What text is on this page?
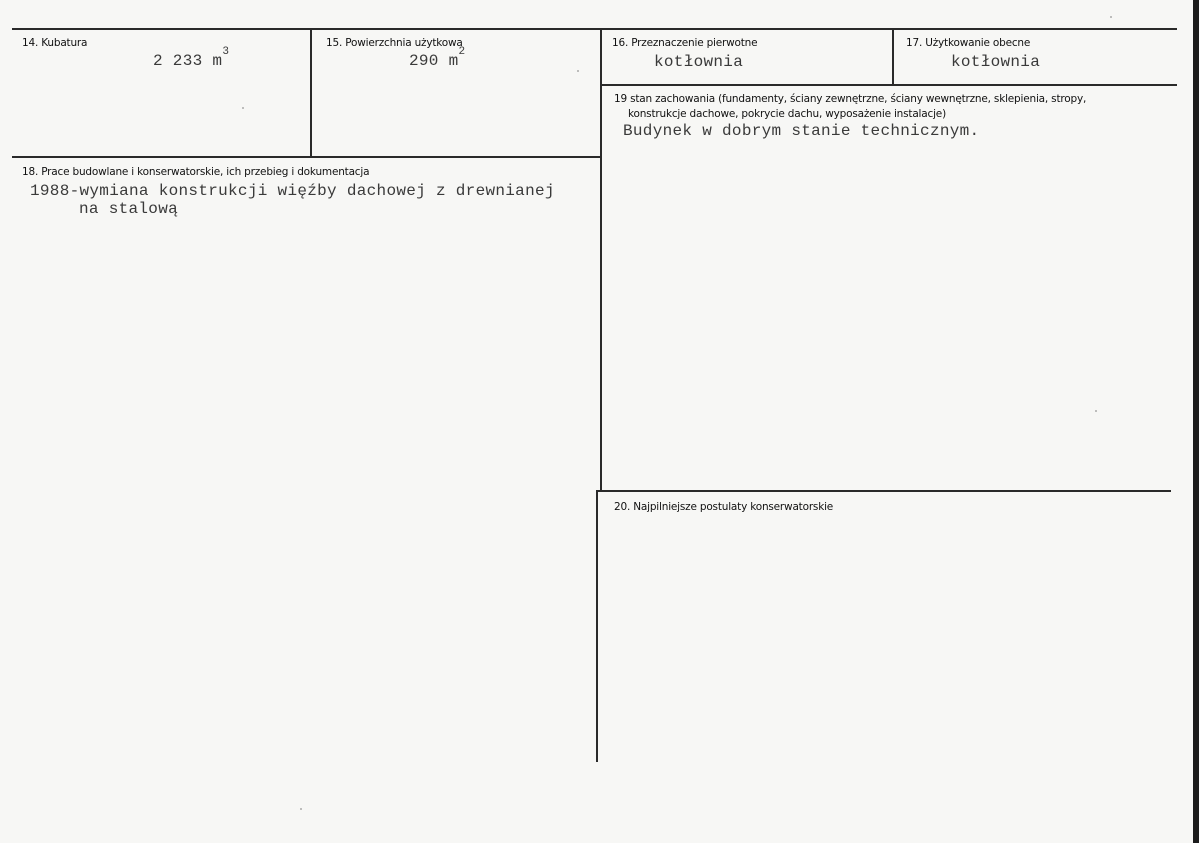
14. Kubatura
2 233 $m^3$
15. Powierzchnia użytkowa
290 $m^2$
16. Przeznaczenie pierwotne
kotłownia
17. Użytkowanie obecne
kotłownia
19 stan zachowania (fundamenty, ściany zewnętrzne, ściany wewnętrzne, sklepienia, stropy,
konstrukcje dachowe, pokrycie dachu, wyposażenie instalacje)
Budynek w dobrym stanie technicznym.
18. Prace budowlane i konserwatorskie, ich przebieg i dokumentacja
1988-wymiana konstrukcji więźby dachowej z drewnianej
na stalową
20. Najpilniejsze postulaty konserwatorskie
